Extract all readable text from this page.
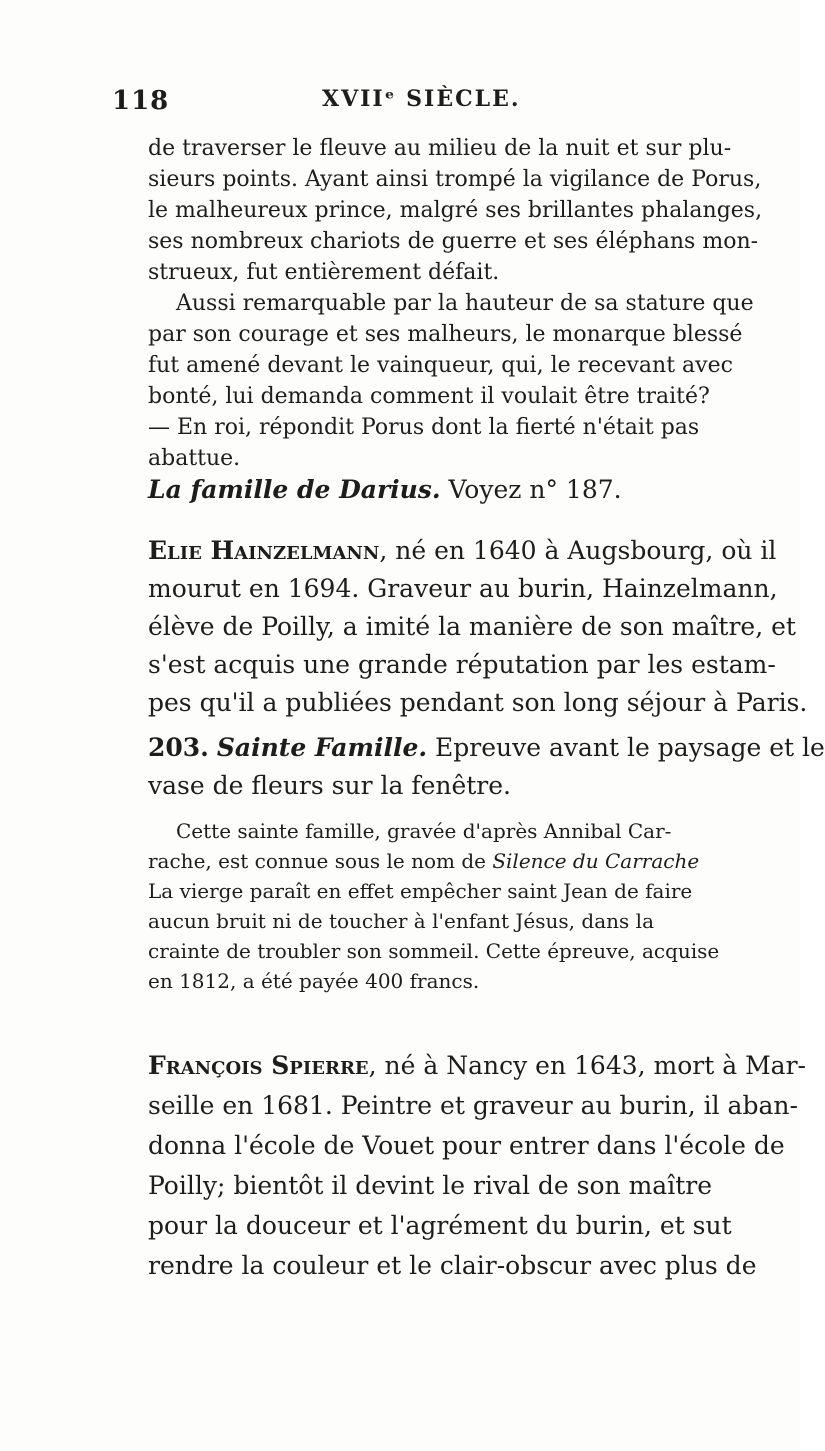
118	XVIIᵉ SIÈCLE.
de traverser le fleuve au milieu de la nuit et sur plu-
sieurs points. Ayant ainsi trompé la vigilance de Porus,
le malheureux prince, malgré ses brillantes phalanges,
ses nombreux chariots de guerre et ses éléphans mon-
strueux, fut entièrement défait.
Aussi remarquable par la hauteur de sa stature que
par son courage et ses malheurs, le monarque blessé
fut amené devant le vainqueur, qui, le recevant avec
bonté, lui demanda comment il voulait être traité?
— En roi, répondit Porus dont la fierté n'était pas
abattue.
La famille de Darius. Voyez n° 187.
Elie Hainzelmann, né en 1640 à Augsbourg, où il
mourut en 1694. Graveur au burin, Hainzelmann,
élève de Poilly, a imité la manière de son maître, et
s'est acquis une grande réputation par les estam-
pes qu'il a publiées pendant son long séjour à Paris.
203. Sainte Famille. Epreuve avant le paysage et le
vase de fleurs sur la fenêtre.
Cette sainte famille, gravée d'après Annibal Car-
rache, est connue sous le nom de Silence du Carrache
La vierge paraît en effet empêcher saint Jean de faire
aucun bruit ni de toucher à l'enfant Jésus, dans la
crainte de troubler son sommeil. Cette épreuve, acquise
en 1812, a été payée 400 francs.
François Spierre, né à Nancy en 1643, mort à Mar-
seille en 1681. Peintre et graveur au burin, il aban-
donna l'école de Vouet pour entrer dans l'école de
Poilly; bientôt il devint le rival de son maître
pour la douceur et l'agrément du burin, et sut
rendre la couleur et le clair-obscur avec plus de
